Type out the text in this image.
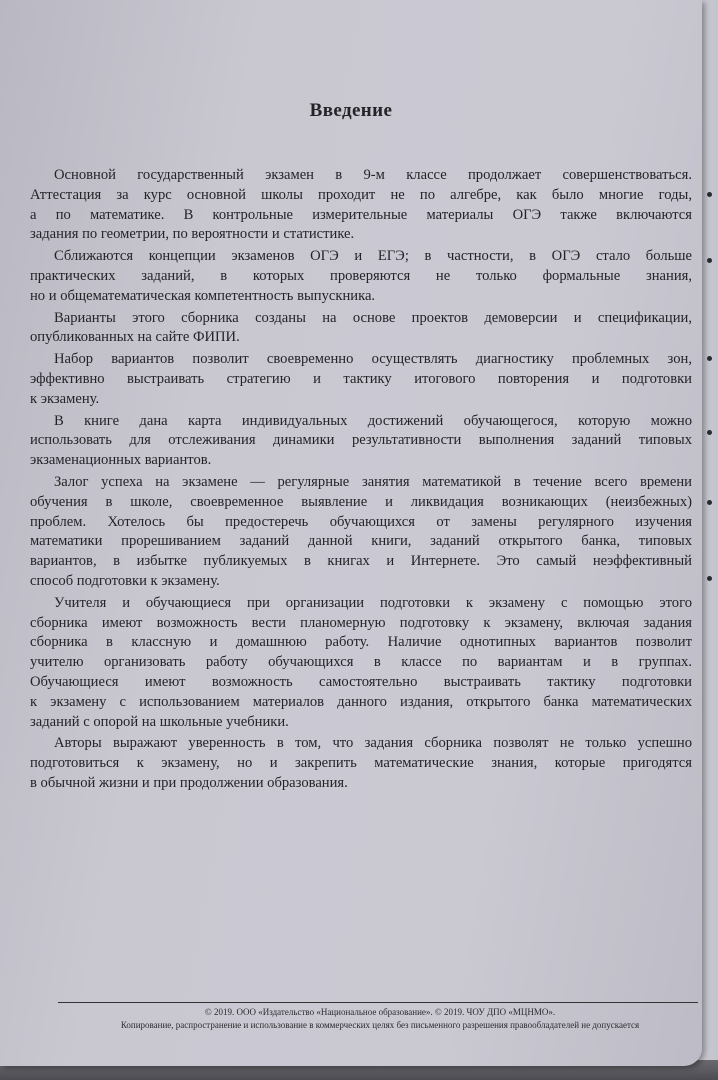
Введение

Основной государственный экзамен в 9-м классе продолжает совершенствоваться.
Аттестация за курс основной школы проходит не по алгебре, как было многие годы,
а по математике. В контрольные измерительные материалы ОГЭ также включаются
задания по геометрии, по вероятности и статистике.

Сближаются концепции экзаменов ОГЭ и ЕГЭ; в частности, в ОГЭ стало больше
практических заданий, в которых проверяются не только формальные знания,
но и общематематическая компетентность выпускника.

Варианты этого сборника созданы на основе проектов демоверсии и спецификации,
опубликованных на сайте ФИПИ.

Набор вариантов позволит своевременно осуществлять диагностику проблемных зон,
эффективно выстраивать стратегию и тактику итогового повторения и подготовки
к экзамену.

В книге дана карта индивидуальных достижений обучающегося, которую можно
использовать для отслеживания динамики результативности выполнения заданий типовых
экзаменационных вариантов.

Залог успеха на экзамене — регулярные занятия математикой в течение всего времени
обучения в школе, своевременное выявление и ликвидация возникающих (неизбежных)
проблем. Хотелось бы предостеречь обучающихся от замены регулярного изучения
математики прорешиванием заданий данной книги, заданий открытого банка, типовых
вариантов, в избытке публикуемых в книгах и Интернете. Это самый неэффективный
способ подготовки к экзамену.

Учителя и обучающиеся при организации подготовки к экзамену с помощью этого
сборника имеют возможность вести планомерную подготовку к экзамену, включая задания
сборника в классную и домашнюю работу. Наличие однотипных вариантов позволит
учителю организовать работу обучающихся в классе по вариантам и в группах.
Обучающиеся имеют возможность самостоятельно выстраивать тактику подготовки
к экзамену с использованием материалов данного издания, открытого банка математических
заданий с опорой на школьные учебники.

Авторы выражают уверенность в том, что задания сборника позволят не только успешно
подготовиться к экзамену, но и закрепить математические знания, которые пригодятся
в обычной жизни и при продолжении образования.

© 2019. ООО «Издательство «Национальное образование». © 2019. ЧОУ ДПО «МЦНМО».
Копирование, распространение и использование в коммерческих целях без письменного разрешения правообладателей не допускается
